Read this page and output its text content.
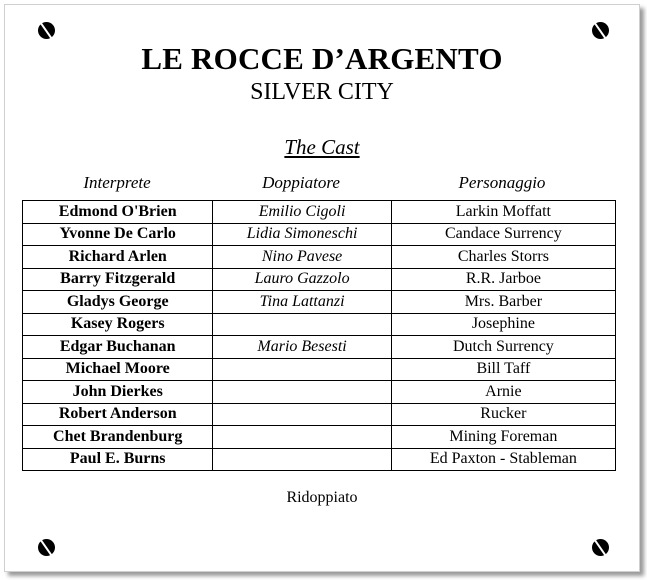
LE ROCCE D’ARGENTO
SILVER CITY
The Cast
Interprete	Doppiatore	Personaggio
Edmond O'Brien	Emilio Cigoli	Larkin Moffatt
Yvonne De Carlo	Lidia Simoneschi	Candace Surrency
Richard Arlen	Nino Pavese	Charles Storrs
Barry Fitzgerald	Lauro Gazzolo	R.R. Jarboe
Gladys George	Tina Lattanzi	Mrs. Barber
Kasey Rogers		Josephine
Edgar Buchanan	Mario Besesti	Dutch Surrency
Michael Moore		Bill Taff
John Dierkes		Arnie
Robert Anderson		Rucker
Chet Brandenburg		Mining Foreman
Paul E. Burns		Ed Paxton - Stableman
Ridoppiato
